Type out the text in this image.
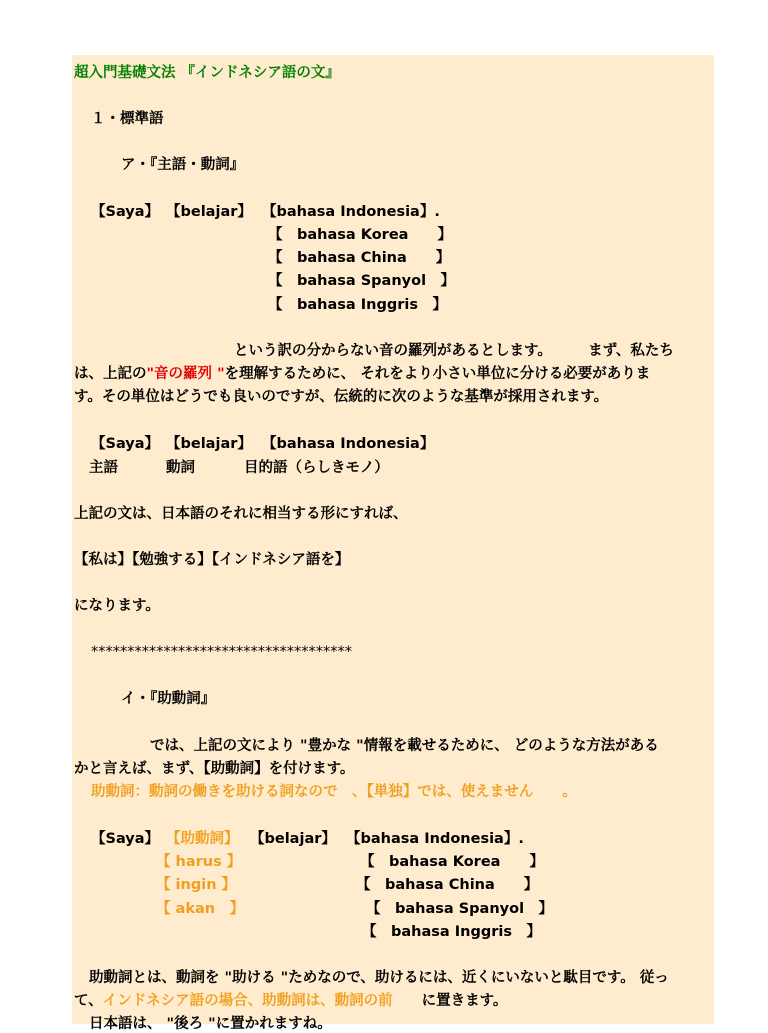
超入門基礎文法 『インドネシア語の文』
１・標準語
ア・『主語・動詞』
【Saya】 【belajar】 【bahasa Indonesia】.
【　bahasa Korea　　】
【　bahasa China　　】
【　bahasa Spanyol　】
【　bahasa Inggris　】
という訳の分からない音の羅列があるとします。　　　まず、私たち
は、上記の"音の羅列 "を理解するために、 それをより小さい単位に分ける必要がありま
す。その単位はどうでも良いのですが、伝統的に次のような基準が採用されます。
【Saya】 【belajar】 【bahasa Indonesia】
主語	動詞	目的語（らしきモノ）
上記の文は、日本語のそれに相当する形にすれば、
【私は】【勉強する】【インドネシア語を】
になります。
************************************
イ・『助動詞』
では、上記の文により "豊かな "情報を載せるために、 どのような方法がある
かと言えば、まず、【助動詞】を付けます。
助動詞：動詞の働きを助ける詞なので　、【単独】では、使えません　　。
【Saya】 【助動詞】 【belajar】 【bahasa Indonesia】.
【 harus 】
【 ingin 】
【 akan　】
【　bahasa Korea　　】
【　bahasa China　　】
【　bahasa Spanyol　】
【　bahasa Inggris　】
助動詞とは、動詞を "助ける "ためなので、助けるには、近くにいないと駄目です。 従っ
て、インドネシア語の場合、助動詞は、動詞の前　　に置きます。
日本語は、 "後ろ "に置かれますね。
